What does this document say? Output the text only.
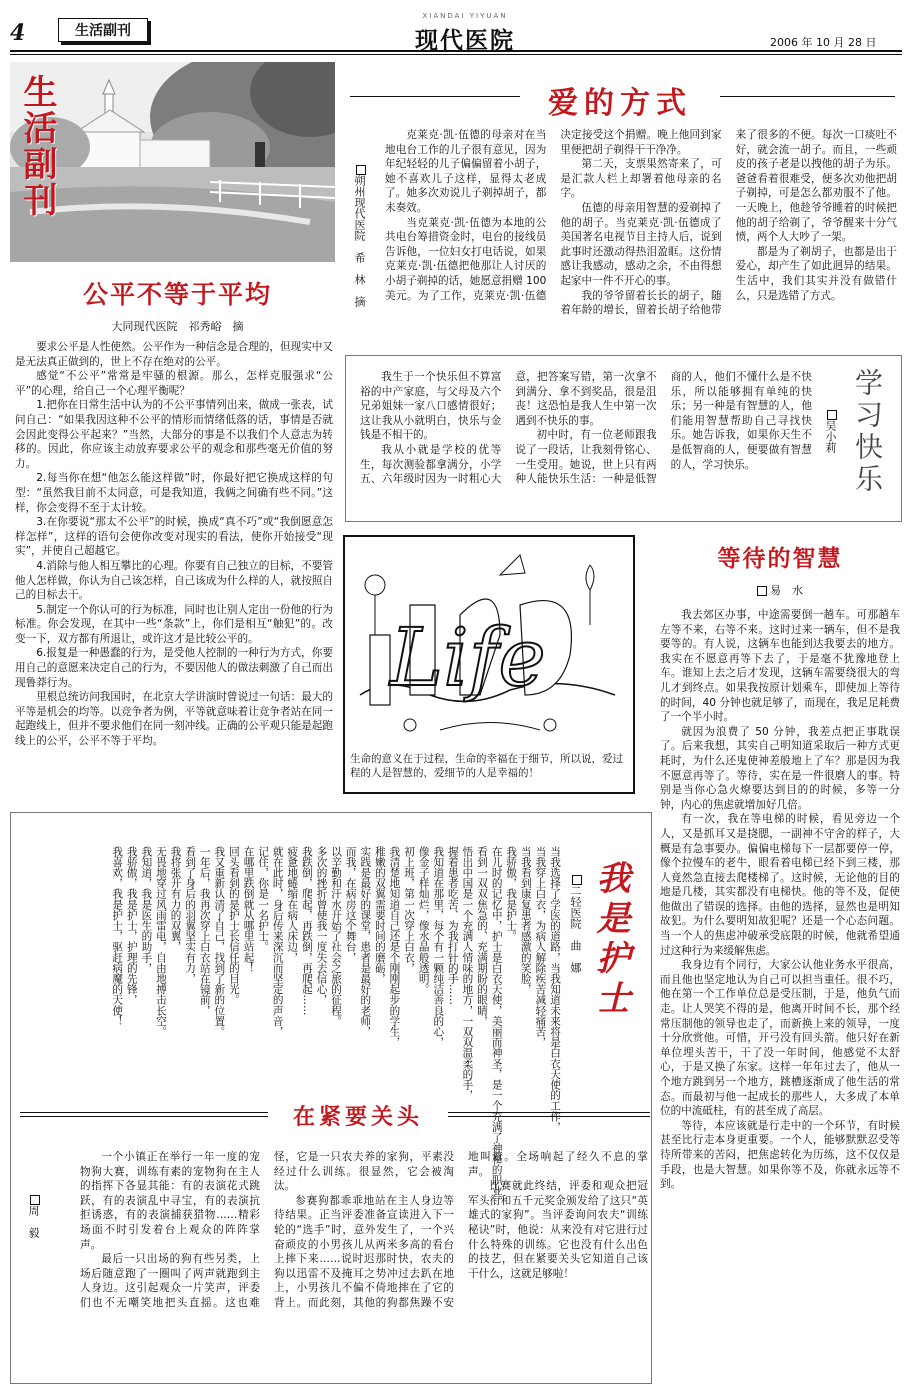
4	生活副刊
XIANDAI YIYUAN
现代医院	2006 年 10 月 28 日
生活副刊
公平不等于平均
大同现代医院　祁秀峪　摘

要求公平是人性使然。公平作为一种信念是合理的，但现实中又是无法真正做到的，世上不存在绝对的公平。

感觉“不公平”常常是牢骚的根源。那么，怎样克服强求“公平”的心理，给自己一个心理平衡呢？

1.把你在日常生活中认为的不公平事情列出来，做成一张表，试问自己：“如果我因这种不公平的情形而情绪低落的话，事情是否就会因此变得公平起来？”当然，大部分的事是不以我们个人意志为转移的。因此，你应该主动放弃要求公平的观念和那些毫无价值的努力。

2.每当你在想“他怎么能这样做”时，你最好把它换成这样的句型：“虽然我目前不太同意，可是我知道，我俩之间确有些不同。”这样，你会变得不至于太计较。

3.在你要说“那太不公平”的时候，换成“真不巧”或“我倒愿意怎样怎样”，这样的语句会使你改变对现实的看法，使你开始接受“现实”，并使自己超越它。

4.消除与他人相互攀比的心理。你要有自己独立的目标，不要管他人怎样做，你认为自己该怎样，自己该成为什么样的人，就按照自己的目标去干。

5.制定一个你认可的行为标准，同时也让别人定出一份他的行为标准。你会发现，在其中一些“条款”上，你们是相互“触犯”的。改变一下，双方都有所退让，或许这才是比较公平的。

6.报复是一种愚蠢的行为，是受他人控制的一种行为方式，你要用自己的意愿来决定自己的行为，不要因他人的做法刺激了自己而出现鲁莽行为。

里根总统访问我国时，在北京大学讲演时曾说过一句话：最大的平等是机会的均等。以竞争者为例，平等就意味着让竞争者站在同一起跑线上，但并不要求他们在同一刻冲线。正确的公平观只能是起跑线上的公平，公平不等于平均。

爱的方式
朔州现代医院　希　林　摘

克莱克·凯·伍德的母亲对在当地电台工作的儿子很有意见，因为年纪轻轻的儿子偏偏留着小胡子，她不喜欢儿子这样，显得太老成了。她多次劝说儿子剃掉胡子，都未奏效。

当克莱克·凯·伍德为本地的公共电台筹措资金时，电台的接线员告诉他，一位妇女打电话说，如果克莱克·凯·伍德把他那让人讨厌的小胡子剃掉的话，她愿意捐赠 100 美元。为了工作，克莱克·凯·伍德决定接受这个捐赠。晚上他回到家里便把胡子剃得干干净净。

第二天，支票果然寄来了，可是汇款人栏上却署着他母亲的名字。

伍德的母亲用智慧的爱剃掉了他的胡子。当克莱克·凯·伍德成了美国著名电视节目主持人后，说到此事时还激动得热泪盈眶。这份情感让我感动，感动之余，不由得想起家中一件不开心的事。

我的爷爷留着长长的胡子，随着年龄的增长，留着长胡子给他带来了很多的不便。每次一口痰吐不好，就会流一胡子。而且，一些顽皮的孩子老是以拽他的胡子为乐。爸爸看着很难受，便多次劝他把胡子剃掉，可是怎么都劝服不了他。一天晚上，他趁爷爷睡着的时候把他的胡子给剃了，爷爷醒来十分气愤，两个人大吵了一架。

都是为了剃胡子，也都是出于爱心，却产生了如此迥异的结果。生活中，我们其实并没有做错什么，只是选错了方式。

我生于一个快乐但不算富裕的中产家庭，与父母及六个兄弟姐妹一家八口感情很好；这让我从小就明白，快乐与金钱是不相干的。

我从小就是学校的优等生，每次测验都拿满分，小学五、六年级时因为一时粗心大意，把答案写错，第一次拿不到满分、拿不到奖品，很是沮丧！这恐怕是我人生中第一次遇到不快乐的事。

初中时，有一位老师跟我说了一段话，让我刻骨铭心、一生受用。她说，世上只有两种人能快乐生活：一种是低智商的人，他们不懂什么是不快乐，所以能够拥有单纯的快乐；另一种是有智慧的人，他们能用智慧帮助自己寻找快乐。她告诉我，如果你天生不是低智商的人，便要做有智慧的人，学习快乐。	学习快乐
吴小莉
Life
生命的意义在于过程，生命的幸福在于细节，所以说，爱过程的人是智慧的，爱细节的人是幸福的！
我是护士
二轻医院　曲　娜

当我选择了学医的道路，当我知道未来将是白衣天使的工作，

当我穿上白衣，为病人解除疾苦减轻痛苦，

当我看到康复患者感激的笑脸，

我骄傲，我是护士。

在儿时的记忆中，护士是白衣天使，美丽而神圣，是一个充满了神秘的职业。

看到一双双焦急的、充满期盼的眼睛，

悟出中国是一个充满人情味的地方，一双双温柔的手，

握着患者吃苦、为我打针的手……

我知道在那里，每个有一颗纯洁善良的心，

像金子样灿烂，像水晶般透明。

初上班，第一次穿上白衣，

我清楚地知道自己还是个刚刚起步的学生，

稚嫩的双翼需要时间的磨砺，

实践是最好的课堂，患者是最好的老师，

而我，在病房这个舞台，

以辛勤和汗水开始了社会之旅的征程。

多次的挫折曾使我一度失去信心，

我跌倒，爬起，再跌倒，再爬起……

疲惫地蜷缩在病人床边，

就在此时，身后传来深沉而坚定的声音，

记住，你是一名护士。

在哪里跌倒就从哪里站起！

回头看到的是护士长信任的目光。

我又重新认清了自己，找到了新的位置。

一年后，我再次穿上白衣站在镜前，

看到了身后的羽翼坚实有力，

我将张开有力的双翼，

无畏地穿过风雨雷电，自由地搏击长空。

我知道，我是医生的助手，

我骄傲，我是护士，护理的先锋，

我喜欢，我是护士，驱赶病魔的天使！

等待的智慧
易　水

我去郊区办事，中途需要倒一趟车。可那趟车左等不来，右等不来。这时过来一辆车，但不是我要等的。有人说，这辆车也能到达我要去的地方。我实在不愿意再等下去了，于是毫不犹豫地登上车。谁知上去之后才发现，这辆车需要绕很大的弯儿才到终点。如果我按原计划乘车，即使加上等待的时间，40 分钟也就足够了，而现在，我足足耗费了一个半小时。

就因为浪费了 50 分钟，我差点把正事耽误了。后来我想，其实自己明知道采取后一种方式更耗时，为什么还鬼使神差般地上了车？那是因为我不愿意再等了。等待，实在是一件很磨人的事。特别是当你心急火燎要达到目的的时候，多等一分钟，内心的焦虑就增加好几倍。

有一次，我在等电梯的时候，看见旁边一个人，又是抓耳又是挠腮，一副神不守舍的样子，大概是有急事要办。偏偏电梯每下一层都要停一停，像个拉慢车的老牛，眼看着电梯已经下到三楼，那人竟然急直接去爬楼梯了。这时候，无论他的目的地是几楼，其实都没有电梯快。他的等不及，促使他做出了错误的选择。由他的选择，显然也是明知故犯。为什么要明知故犯呢？还是一个心态问题。当一个人的焦虑冲破承受底限的时候，他就希望通过这种行为来缓解焦虑。

我身边有个同行，大家公认他业务水平很高，而且他也坚定地认为自己可以担当重任。很不巧，他在第一个工作单位总是受压制，于是，他负气而走。让人哭笑不得的是，他离开时间不长，那个经常压制他的领导也走了，而新换上来的领导，一度十分欣赏他。可惜，开弓没有回头箭。他只好在新单位埋头苦干，干了没一年时间，他感觉不太舒心，于是又换了东家。这样一年年过去了，他从一个地方跳到另一个地方，跳槽逐渐成了他生活的常态。而最初与他一起成长的那些人，大多成了本单位的中流砥柱，有的甚至成了高层。

等待，本应该就是行走中的一个环节，有时候甚至比行走本身更重要。一个人，能够默默忍受等待所带来的苦闷，把焦虑转化为历练，这不仅仅是手段，也是大智慧。如果你等不及，你就永远等不到。

在紧要关头
周　毅

一个小镇正在举行一年一度的宠物狗大赛，训练有素的宠物狗在主人的指挥下各显其能：有的表演花式跳跃，有的表演乱中寻宝，有的表演抗拒诱惑，有的表演捕获猎物……精彩场面不时引发着台上观众的阵阵掌声。

最后一只出场的狗有些另类，上场后随意跑了一圈叫了两声就跑到主人身边。这引起观众一片笑声，评委们也不无嘲笑地把头直摇。这也难怪，它是一只农夫养的家狗，平素没经过什么训练。很显然，它会被淘汰。

参赛狗都乖乖地站在主人身边等待结果。正当评委准备宣读进入下一轮的“选手”时，意外发生了，一个兴奋顽皮的小男孩儿从两米多高的看台上摔下来……说时迟那时快，农夫的狗以迅雷不及掩耳之势冲过去趴在地上，小男孩儿不偏不倚地摔在了它的背上。而此刻，其他的狗都焦躁不安地叫着。全场响起了经久不息的掌声。

比赛就此终结，评委和观众把冠军头衔和五千元奖金颁发给了这只“英雄式的家狗”。当评委询问农夫“训练秘诀”时，他说：从来没有对它进行过什么特殊的训练。它也没有什么出色的技艺，但在紧要关头它知道自己该干什么，这就足够啦！
